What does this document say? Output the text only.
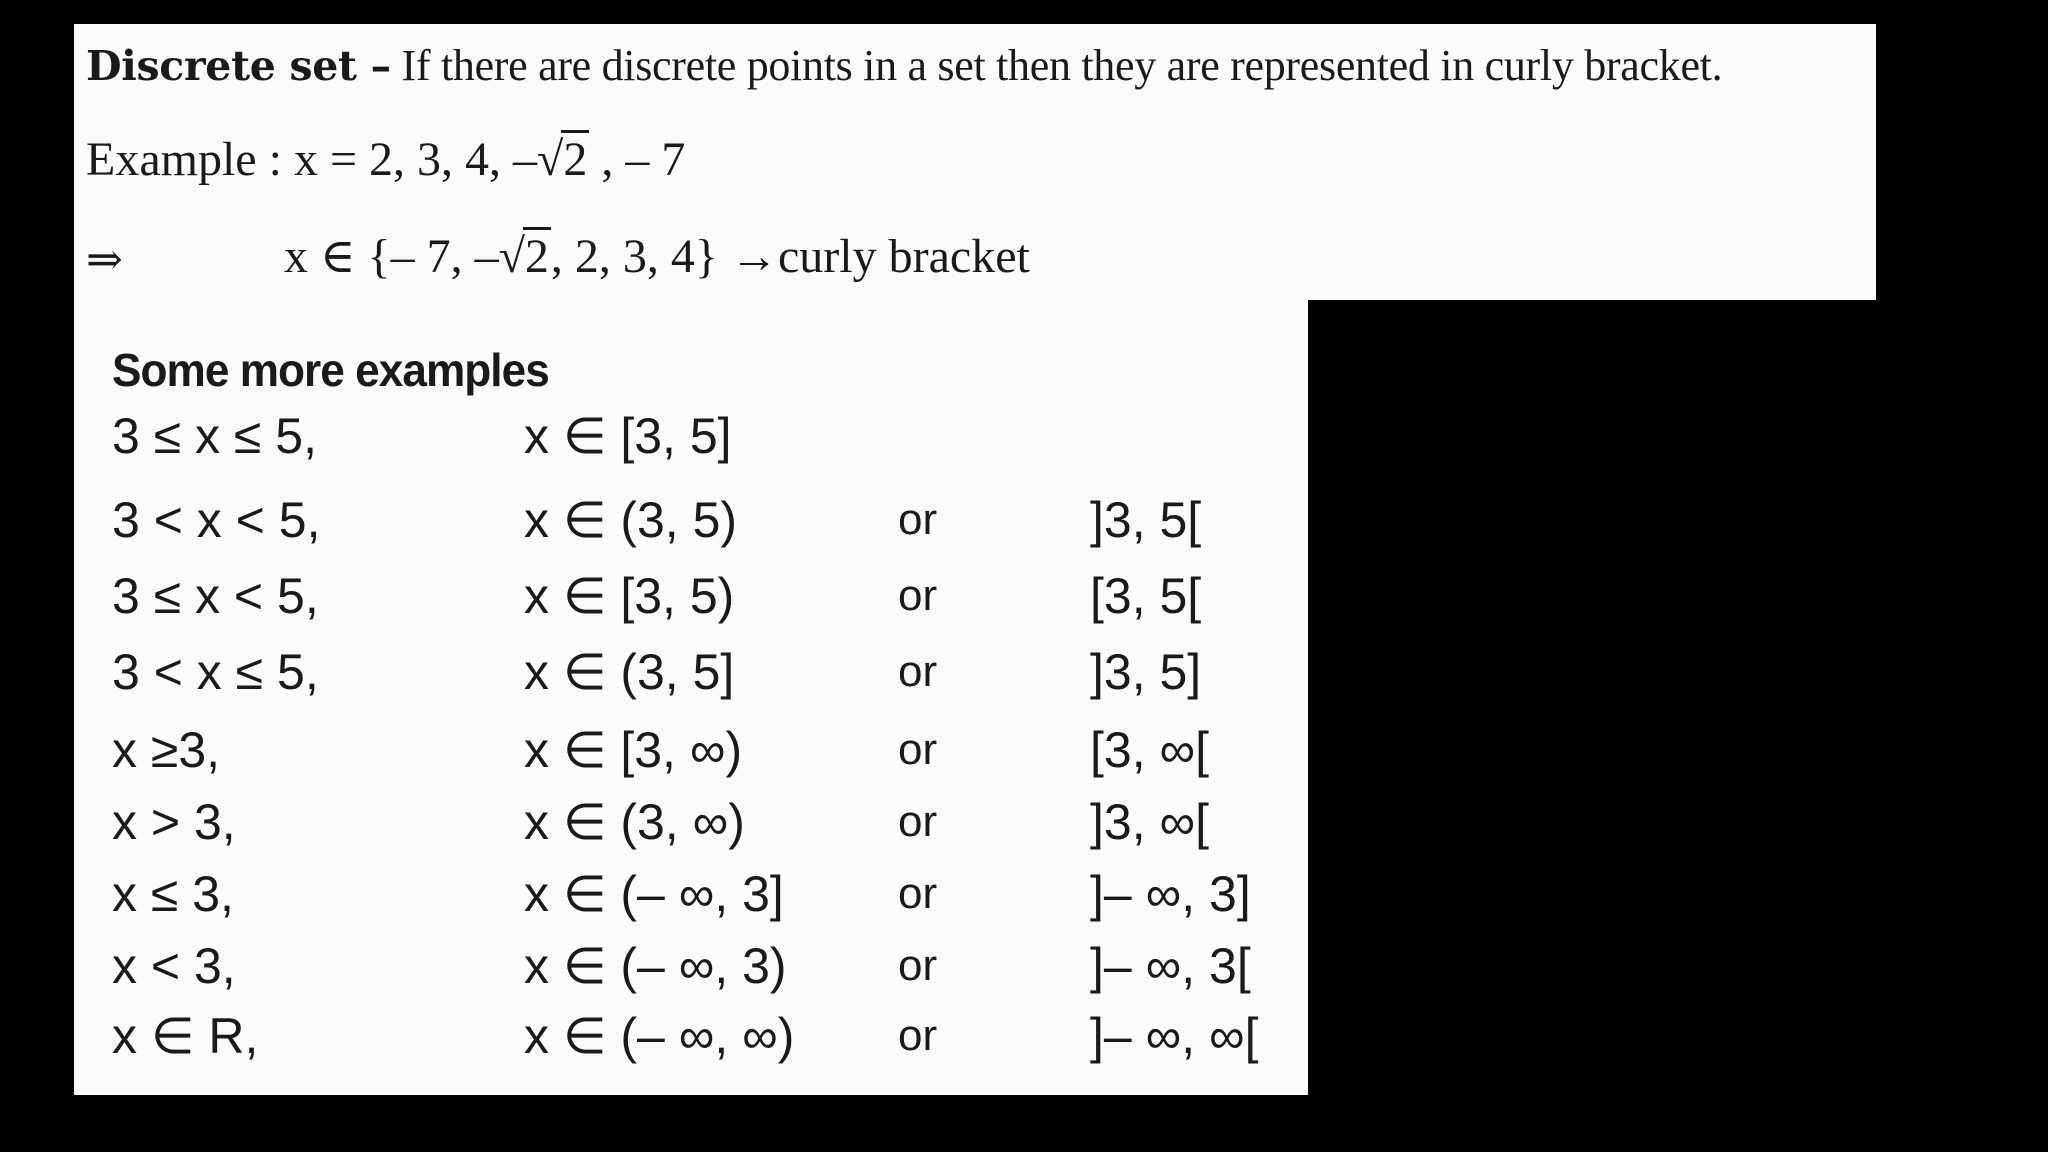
Discrete set – If there are discrete points in a set then they are represented in curly bracket.
Example : x = 2, 3, 4, –√2 , – 7
⇒	x ∈ {– 7, –√2, 2, 3, 4} →curly bracket
Some more examples
3 ≤ x ≤ 5,	x ∈ [3, 5]
3 < x < 5,	x ∈ (3, 5)	or	]3, 5[
3 ≤ x < 5,	x ∈ [3, 5)	or	[3, 5[
3 < x ≤ 5,	x ∈ (3, 5]	or	]3, 5]
x ≥3,	x ∈ [3, ∞)	or	[3, ∞[
x > 3,	x ∈ (3, ∞)	or	]3, ∞[
x ≤ 3,	x ∈ (– ∞, 3]	or	]– ∞, 3]
x < 3,	x ∈ (– ∞, 3)	or	]– ∞, 3[
x ∈ R,	x ∈ (– ∞, ∞) or	]– ∞, ∞[
